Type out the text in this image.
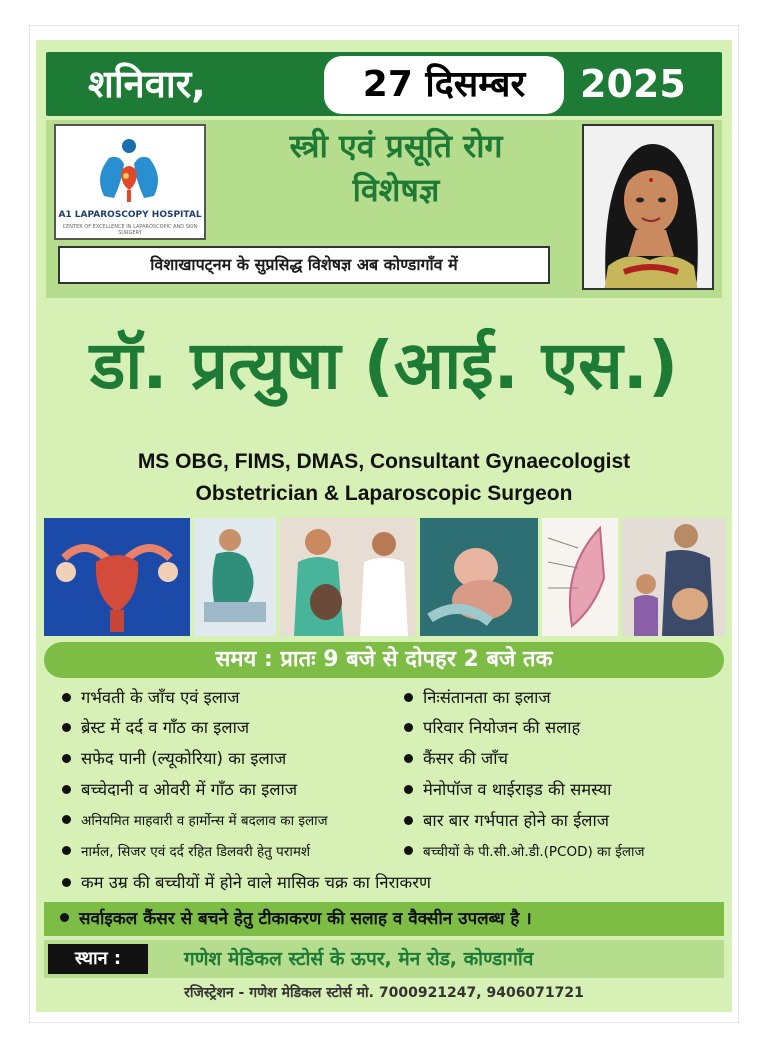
शनिवार,	27 दिसम्बर	2025
A1 LAPAROSCOPY HOSPITAL
CENTER OF EXCELLENCE IN LAPAROSCOPIC AND SKIN SURGERY
स्त्री एवं प्रसूति रोग
विशेषज्ञ
विशाखापट्नम के सुप्रसिद्ध विशेषज्ञ अब कोण्डागाँव में
डॉ. प्रत्युषा (आई. एस.)
MS OBG, FIMS, DMAS, Consultant Gynaecologist
Obstetrician & Laparoscopic Surgeon
समय : प्रातः 9 बजे से दोपहर 2 बजे तक
गर्भवती के जाँच एवं इलाज
ब्रेस्ट में दर्द व गाँठ का इलाज
सफेद पानी (ल्यूकोरिया) का इलाज
बच्चेदानी व ओवरी में गाँठ का इलाज
अनियमित माहवारी व हार्मोन्स में बदलाव का इलाज
नार्मल, सिजर एवं दर्द रहित डिलवरी हेतु परामर्श
निःसंतानता का इलाज
परिवार नियोजन की सलाह
कैंसर की जाँच
मेनोपॉज व थाईराइड की समस्या
बार बार गर्भपात होने का ईलाज
बच्चीयों के पी.सी.ओ.डी.(PCOD) का ईलाज
कम उम्र की बच्चीयों में होने वाले मासिक चक्र का निराकरण
सर्वाइकल कैंसर से बचने हेतु टीकाकरण की सलाह व वैक्सीन उपलब्ध है ।
स्थान :	गणेश मेडिकल स्टोर्स के ऊपर, मेन रोड, कोण्डागाँव
रजिस्ट्रेशन - गणेश मेडिकल स्टोर्स मो. 7000921247, 9406071721
